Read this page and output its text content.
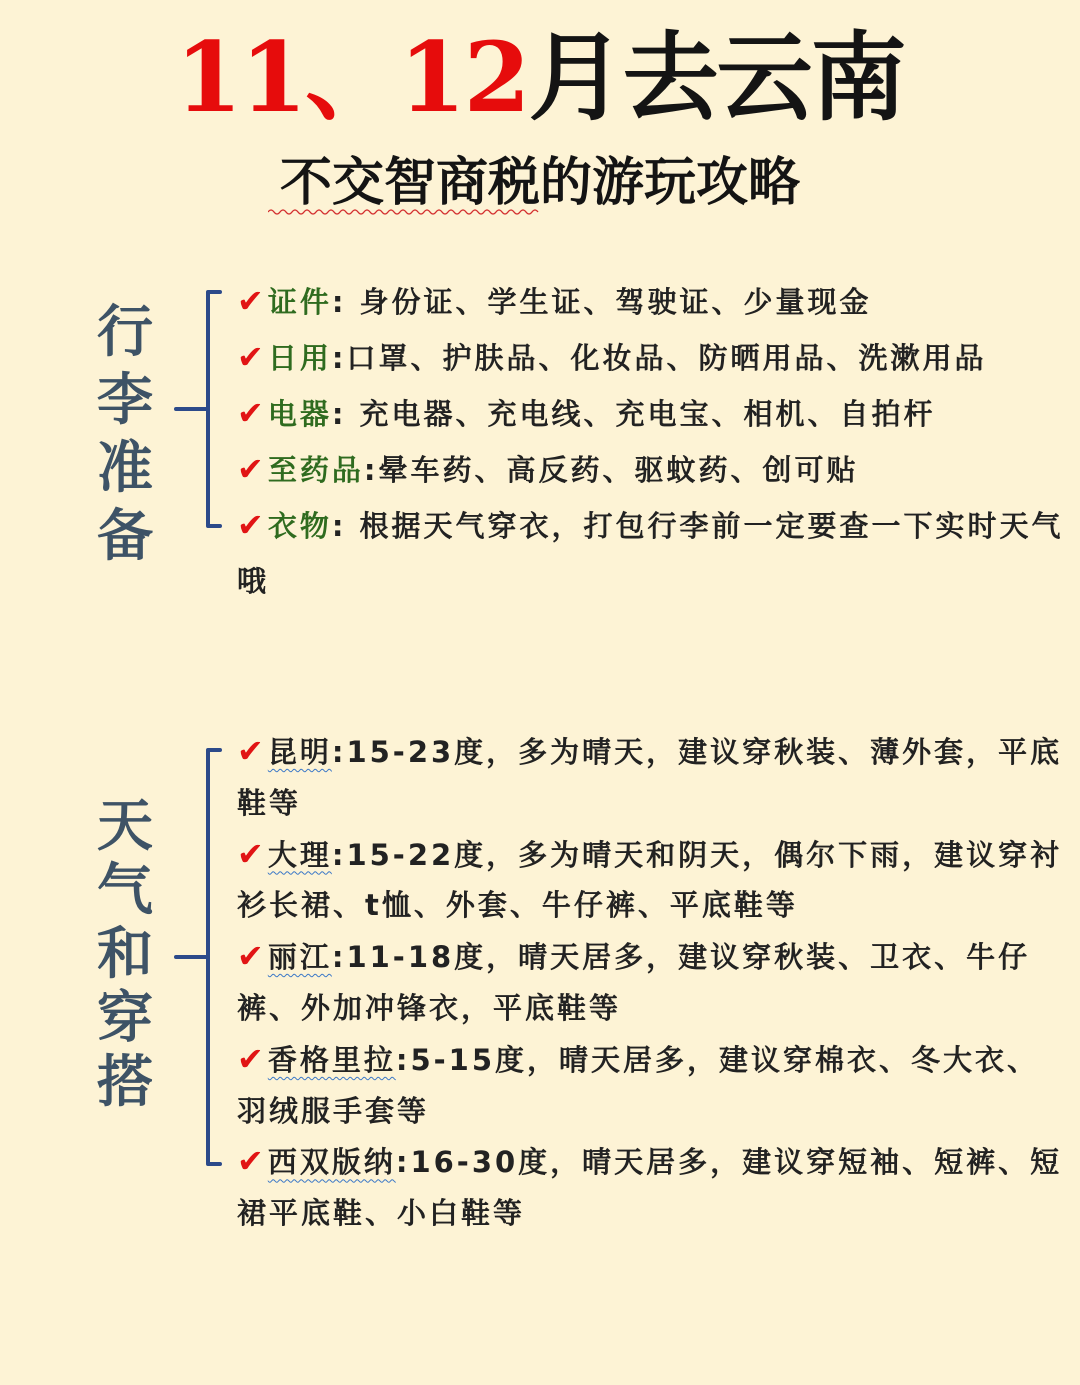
11、12月去云南
不交智商税的游玩攻略
行
李
准
备
✔ 证件: 身份证、学生证、驾驶证、少量现金
✔ 日用:口罩、护肤品、化妆品、防晒用品、洗漱用品
✔ 电器: 充电器、充电线、充电宝、相机、自拍杆
✔ 至药品:晕车药、高反药、驱蚊药、创可贴
✔ 衣物: 根据天气穿衣，打包行李前一定要查一下实时天气哦
天
气
和
穿
搭
✔ 昆明:15-23度，多为晴天，建议穿秋装、薄外套，平底鞋等
✔ 大理:15-22度，多为晴天和阴天，偶尔下雨，建议穿衬衫长裙、t恤、外套、牛仔裤、平底鞋等
✔ 丽江:11-18度，晴天居多，建议穿秋装、卫衣、牛仔裤、外加冲锋衣，平底鞋等
✔ 香格里拉:5-15度，晴天居多，建议穿棉衣、冬大衣、羽绒服手套等
✔ 西双版纳:16-30度，晴天居多，建议穿短袖、短裤、短裙平底鞋、小白鞋等
